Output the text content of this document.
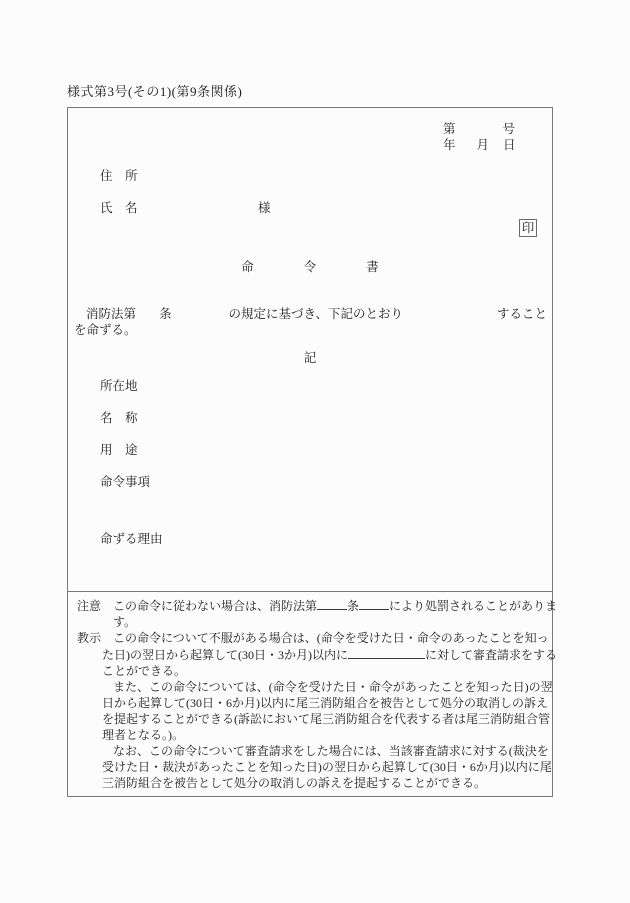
様式第3号(その1)(第9条関係)
第	号
年 月 日
住　所
氏　名	様
印
命　　　　令　　　　書
消防法第 条	の規定に基づき、下記のとおり	すること
を命ずる。
記
所在地
名　称
用　途
命令事項
命ずる理由
注意 この命令に従わない場合は、消防法第	条	により処罰されることがありま
す。
教示 この命令について不服がある場合は、(命令を受けた日・命令のあったことを知っ
た日)の翌日から起算して(30日・3か月)以内に	に対して審査請求をする
ことができる。
また、この命令については、(命令を受けた日・命令があったことを知った日)の翌
日から起算して(30日・6か月)以内に尾三消防組合を被告として処分の取消しの訴え
を提起することができる(訴訟において尾三消防組合を代表する者は尾三消防組合管
理者となる。)。
なお、この命令について審査請求をした場合には、当該審査請求に対する(裁決を
受けた日・裁決があったことを知った日)の翌日から起算して(30日・6か月)以内に尾
三消防組合を被告として処分の取消しの訴えを提起することができる。
